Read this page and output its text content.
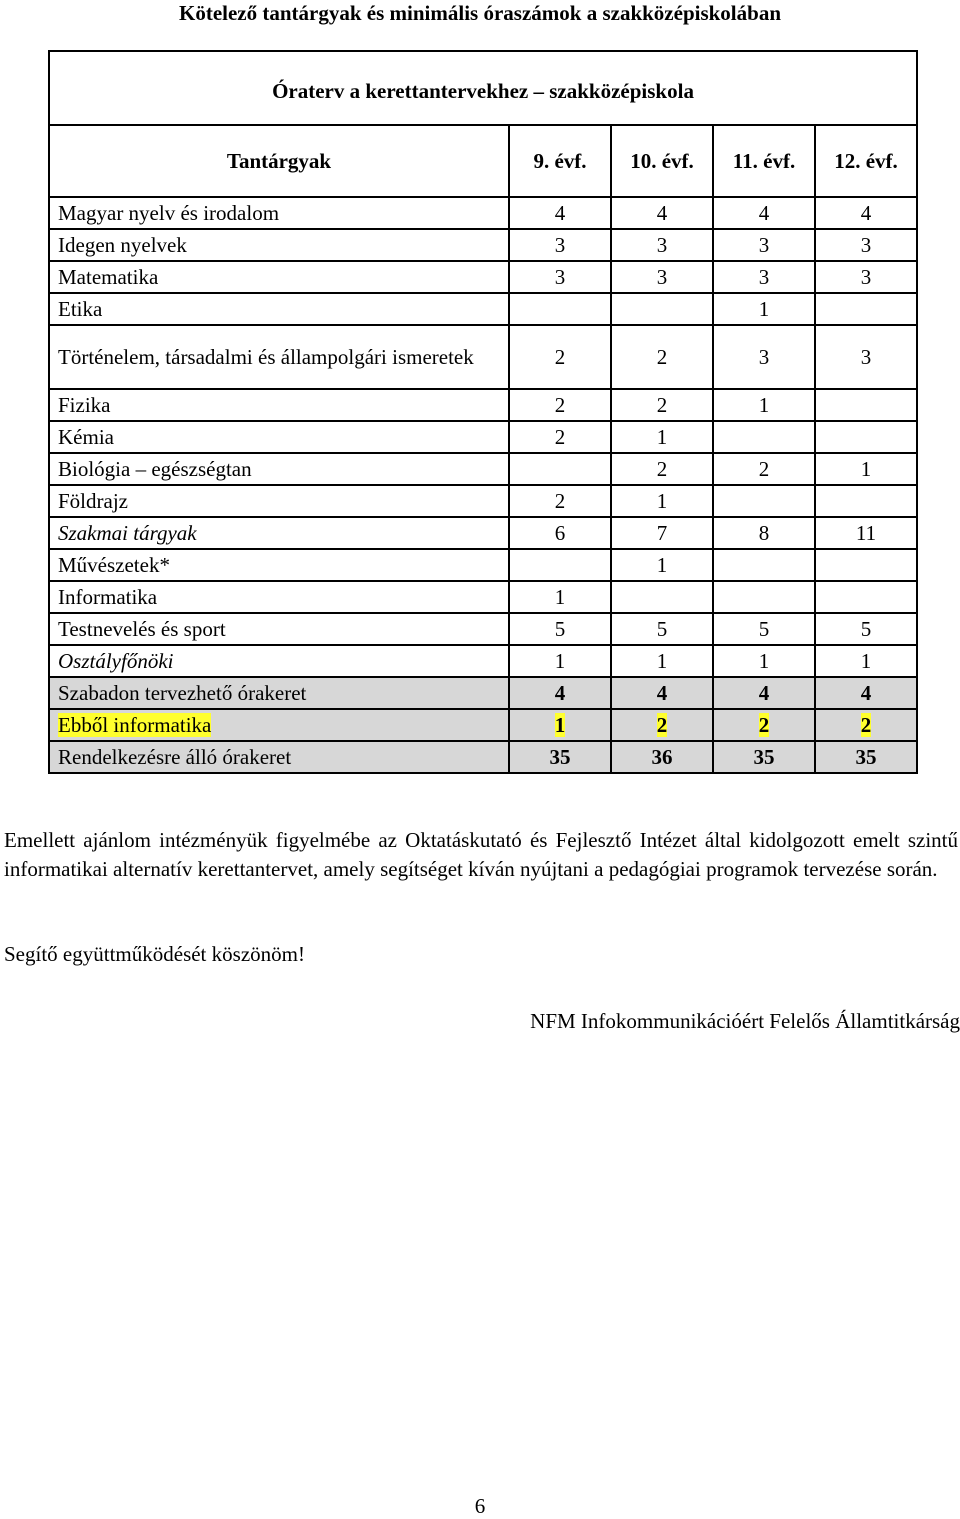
Kötelező tantárgyak és minimális óraszámok a szakközépiskolában
Óraterv a kerettantervekhez – szakközépiskola				
Tantárgyak	9. évf.	10. évf.	11. évf.	12. évf.
Magyar nyelv és irodalom	4	4	4	4
Idegen nyelvek	3	3	3	3
Matematika	3	3	3	3
Etika			1	
Történelem, társadalmi és állampolgári ismeretek	2	2	3	3
Fizika	2	2	1	
Kémia	2	1		
Biológia – egészségtan		2	2	1
Földrajz	2	1		
Szakmai tárgyak	6	7	8	11
Művészetek*		1		
Informatika	1			
Testnevelés és sport	5	5	5	5
Osztályfőnöki	1	1	1	1
Szabadon tervezhető órakeret	4	4	4	4
Ebből informatika	1	2	2	2
Rendelkezésre álló órakeret	35	36	35	35

Emellett ajánlom intézményük figyelmébe az Oktatáskutató és Fejlesztő Intézet által kidolgozott emelt szintű informatikai alternatív kerettantervet, amely segítséget kíván nyújtani a pedagógiai programok tervezése során.

Segítő együttműködését köszönöm!

NFM Infokommunikációért Felelős Államtitkárság

6
